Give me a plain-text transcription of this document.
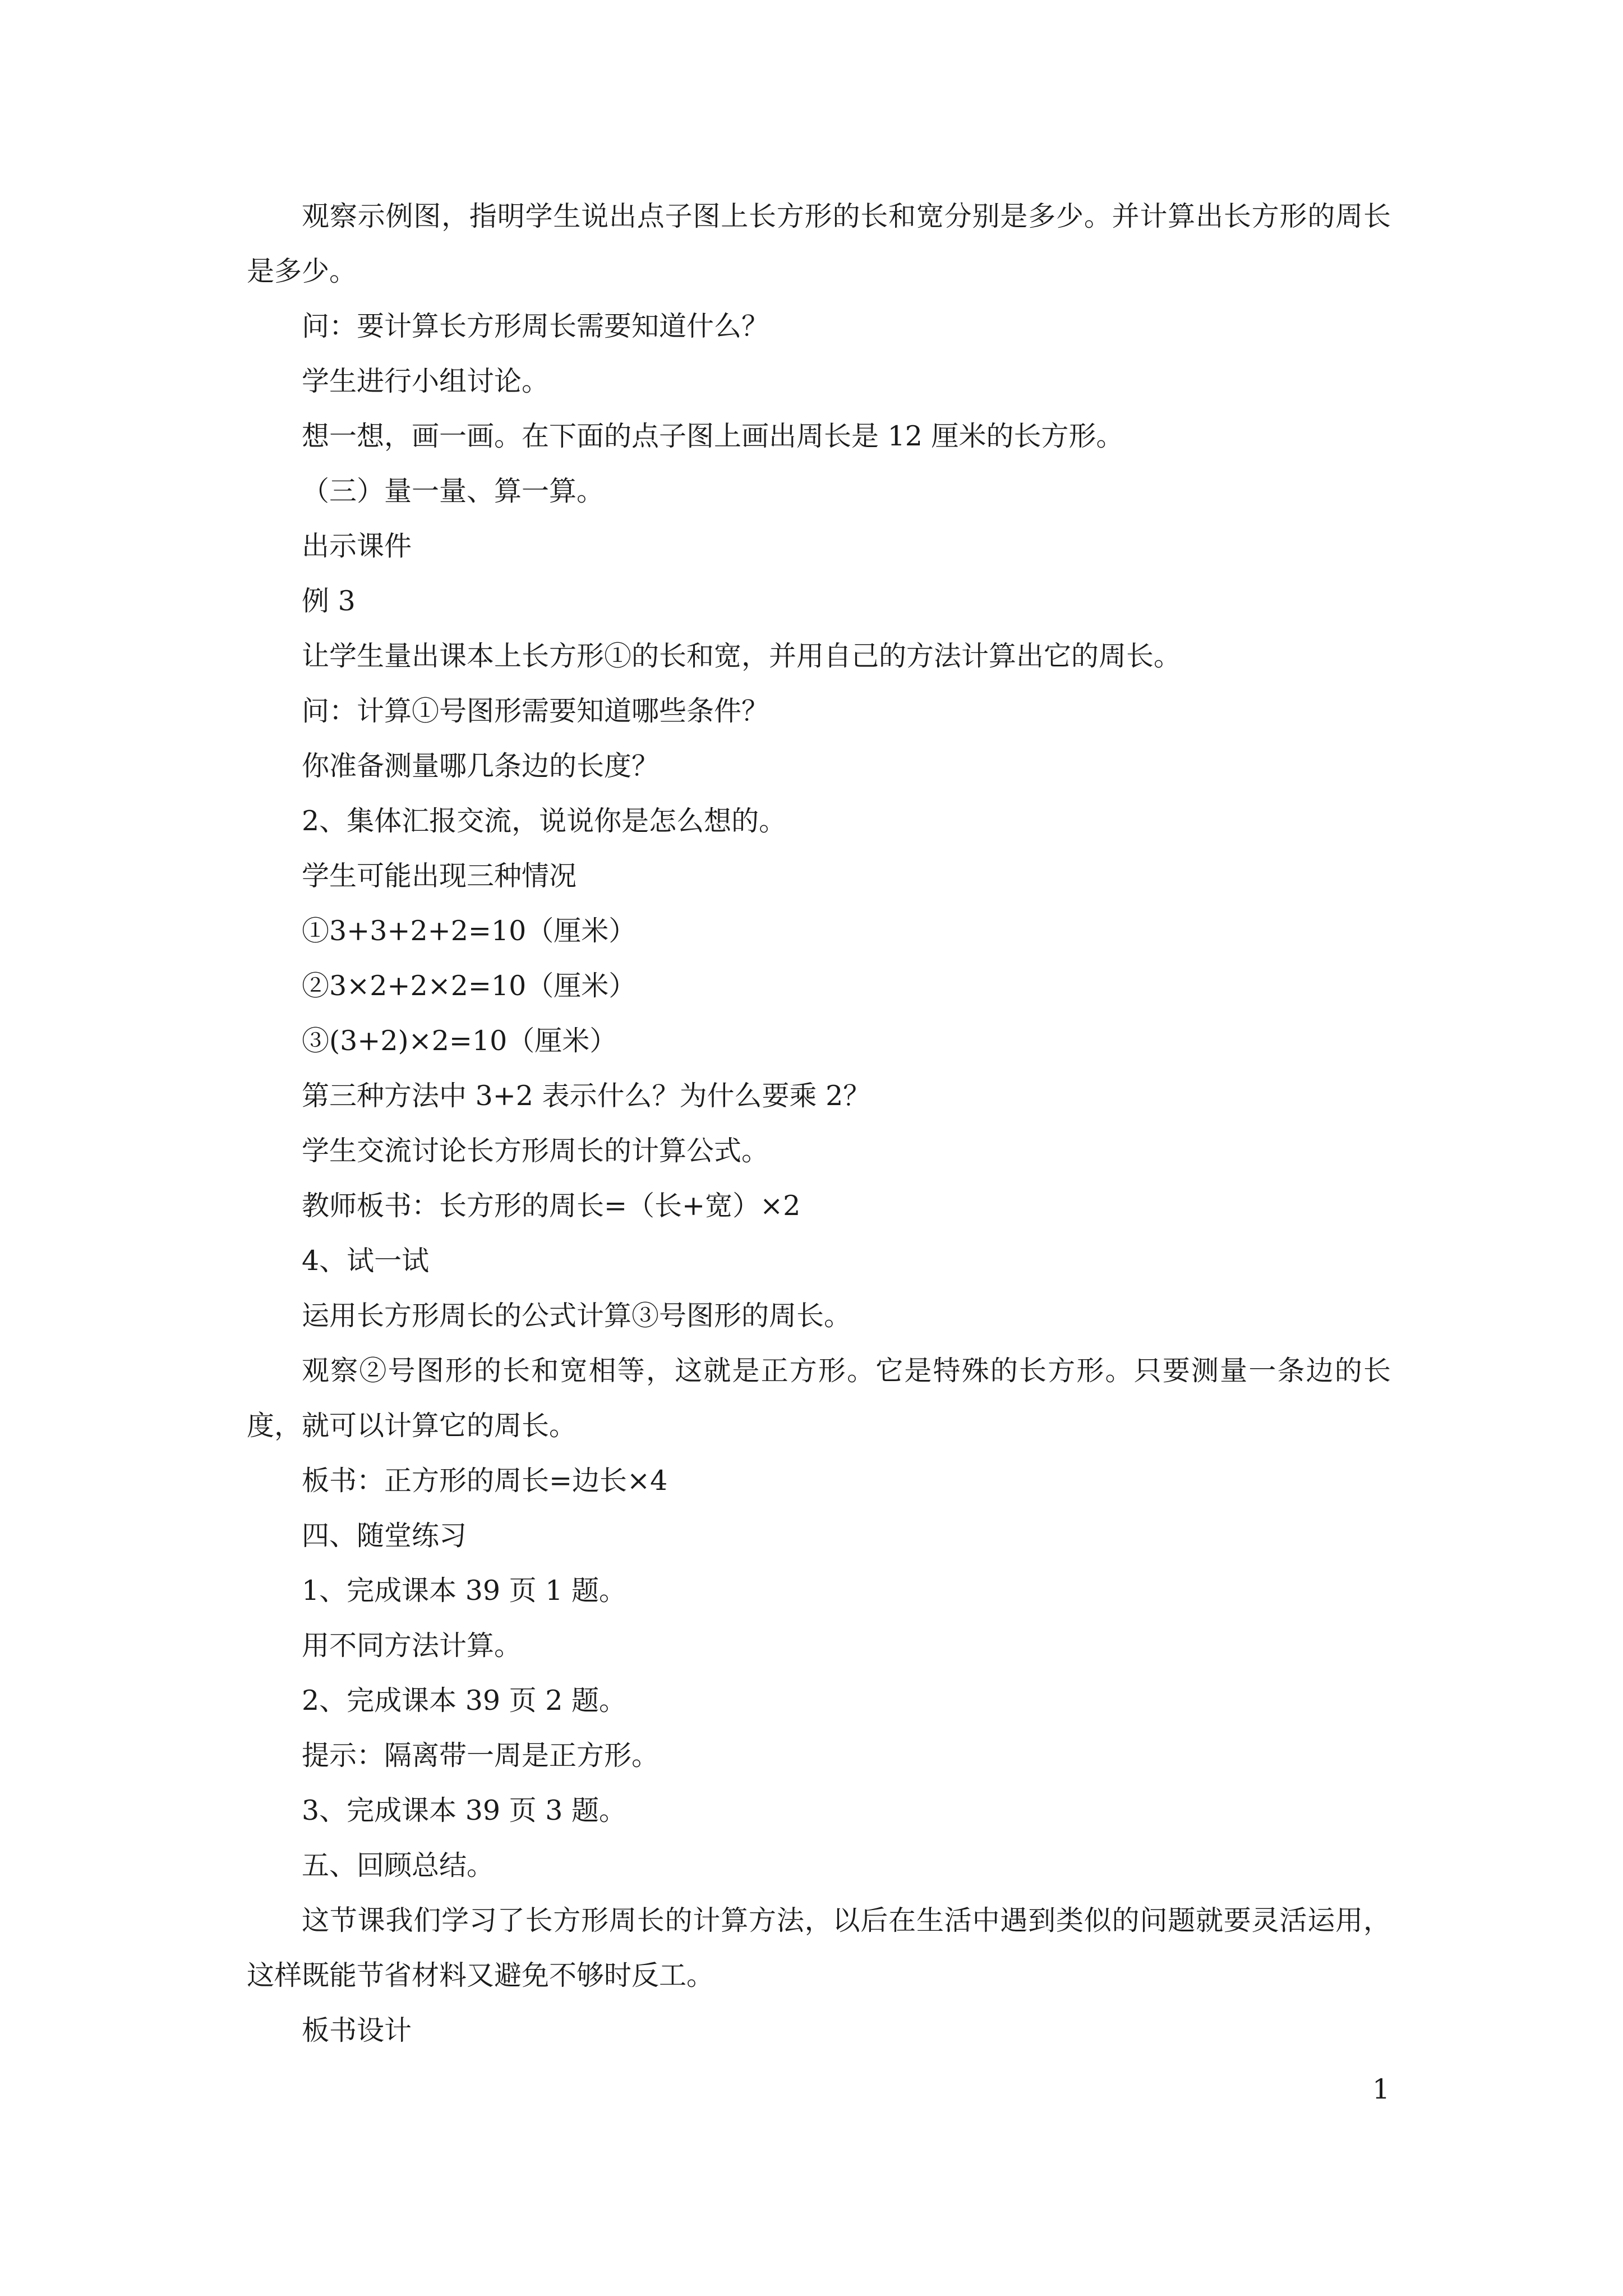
观察示例图，指明学生说出点子图上长方形的长和宽分别是多少。并计算出长方形的周长是多少。

问：要计算长方形周长需要知道什么？

学生进行小组讨论。

想一想，画一画。在下面的点子图上画出周长是 12 厘米的长方形。

（三）量一量、算一算。

出示课件

例 3

让学生量出课本上长方形①的长和宽，并用自己的方法计算出它的周长。

问：计算①号图形需要知道哪些条件？

你准备测量哪几条边的长度？

2、集体汇报交流，说说你是怎么想的。

学生可能出现三种情况

①3+3+2+2=10（厘米）

②3×2+2×2=10（厘米）

③(3+2)×2=10（厘米）

第三种方法中 3+2 表示什么？为什么要乘 2？

学生交流讨论长方形周长的计算公式。

教师板书：长方形的周长=（长+宽）×2

4、试一试

运用长方形周长的公式计算③号图形的周长。

观察②号图形的长和宽相等，这就是正方形。它是特殊的长方形。只要测量一条边的长度，就可以计算它的周长。

板书：正方形的周长=边长×4

四、随堂练习

1、完成课本 39 页 1 题。

用不同方法计算。

2、完成课本 39 页 2 题。

提示：隔离带一周是正方形。

3、完成课本 39 页 3 题。

五、回顾总结。

这节课我们学习了长方形周长的计算方法，以后在生活中遇到类似的问题就要灵活运用，这样既能节省材料又避免不够时反工。

板书设计

1
